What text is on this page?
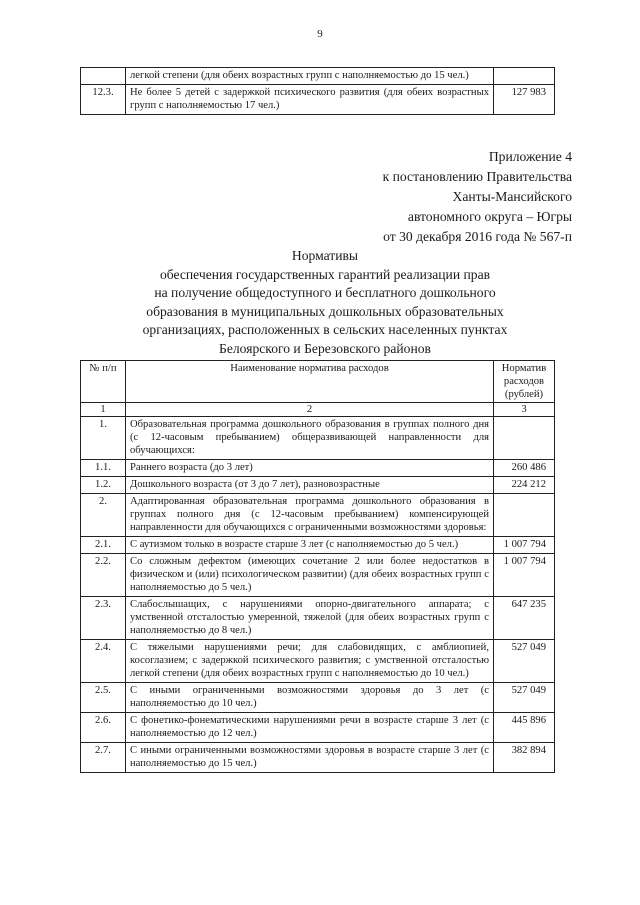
9
	легкой степени (для обеих возрастных групп с наполняемостью до 15 чел.)	
12.3.	Не более 5 детей с задержкой психического развития (для обеих возрастных групп с наполняемостью 17 чел.)	127 983
Приложение 4
к постановлению Правительства
Ханты-Мансийского
автономного округа – Югры
от 30 декабря 2016 года № 567-п
Нормативы
обеспечения государственных гарантий реализации прав
на получение общедоступного и бесплатного дошкольного
образования в муниципальных дошкольных образовательных
организациях, расположенных в сельских населенных пунктах
Белоярского и Березовского районов
№ п/п	Наименование норматива расходов	Норматив расходов (рублей)
1	2	3
1.	Образовательная программа дошкольного образования в группах полного дня (с 12-часовым пребыванием) общеразвивающей направленности для обучающихся:	
1.1.	Раннего возраста (до 3 лет)	260 486
1.2.	Дошкольного возраста (от 3 до 7 лет), разновозрастные	224 212
2.	Адаптированная образовательная программа дошкольного образования в группах полного дня (с 12-часовым пребыванием) компенсирующей направленности для обучающихся с ограниченными возможностями здоровья:	
2.1.	С аутизмом только в возрасте старше 3 лет (с наполняемостью до 5 чел.)	1 007 794
2.2.	Со сложным дефектом (имеющих сочетание 2 или более недостатков в физическом и (или) психологическом развитии) (для обеих возрастных групп с наполняемостью до 5 чел.)	1 007 794
2.3.	Слабослышащих, с нарушениями опорно-двигательного аппарата; с умственной отсталостью умеренной, тяжелой (для обеих возрастных групп с наполняемостью до 8 чел.)	647 235
2.4.	С тяжелыми нарушениями речи; для слабовидящих, с амблиопией, косоглазием; с задержкой психического развития; с умственной отсталостью легкой степени (для обеих возрастных групп с наполняемостью до 10 чел.)	527 049
2.5.	С иными ограниченными возможностями здоровья до 3 лет (с наполняемостью до 10 чел.)	527 049
2.6.	С фонетико-фонематическими нарушениями речи в возрасте старше 3 лет (с наполняемостью до 12 чел.)	445 896
2.7.	С иными ограниченными возможностями здоровья в возрасте старше 3 лет (с наполняемостью до 15 чел.)	382 894
